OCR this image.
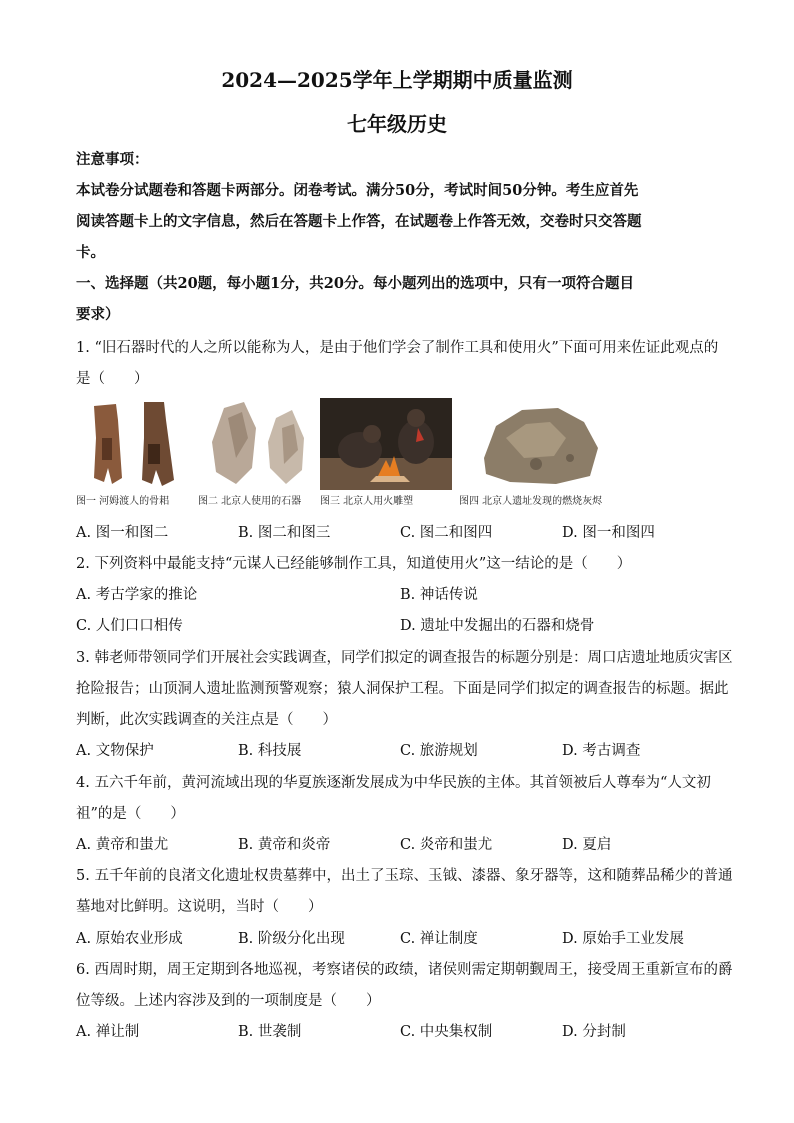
2024—2025学年上学期期中质量监测
七年级历史
注意事项：
本试卷分试题卷和答题卡两部分。闭卷考试。满分50分，考试时间50分钟。考生应首先
阅读答题卡上的文字信息，然后在答题卡上作答，在试题卷上作答无效，交卷时只交答题
卡。
一、选择题（共20题，每小题1分，共20分。每小题列出的选项中，只有一项符合题目
要求）
1. “旧石器时代的人之所以能称为人，是由于他们学会了制作工具和使用火”下面可用来佐证此观点的
是（　　）
图一 河姆渡人的骨耜	图二 北京人使用的石器 图三 北京人用火雕塑	图四 北京人遗址发现的燃烧灰烬
A. 图一和图二	B. 图二和图三	C. 图二和图四	D. 图一和图四
2. 下列资料中最能支持“元谋人已经能够制作工具，知道使用火”这一结论的是（　　）
A. 考古学家的推论	B. 神话传说
C. 人们口口相传	D. 遗址中发掘出的石器和烧骨
3. 韩老师带领同学们开展社会实践调查，同学们拟定的调查报告的标题分别是：周口店遗址地质灾害区
抢险报告；山顶洞人遗址监测预警观察；猿人洞保护工程。下面是同学们拟定的调查报告的标题。据此
判断，此次实践调查的关注点是（　　）
A. 文物保护	B. 科技展	C. 旅游规划	D. 考古调查
4. 五六千年前，黄河流域出现的华夏族逐渐发展成为中华民族的主体。其首领被后人尊奉为“人文初
祖”的是（　　）
A. 黄帝和蚩尤	B. 黄帝和炎帝	C. 炎帝和蚩尤	D. 夏启
5. 五千年前的良渚文化遗址权贵墓葬中，出土了玉琮、玉钺、漆器、象牙器等，这和随葬品稀少的普通
墓地对比鲜明。这说明，当时（　　）
A. 原始农业形成	B. 阶级分化出现	C. 禅让制度	D. 原始手工业发展
6. 西周时期，周王定期到各地巡视，考察诸侯的政绩，诸侯则需定期朝觐周王，接受周王重新宣布的爵
位等级。上述内容涉及到的一项制度是（　　）
A. 禅让制	B. 世袭制	C. 中央集权制	D. 分封制
